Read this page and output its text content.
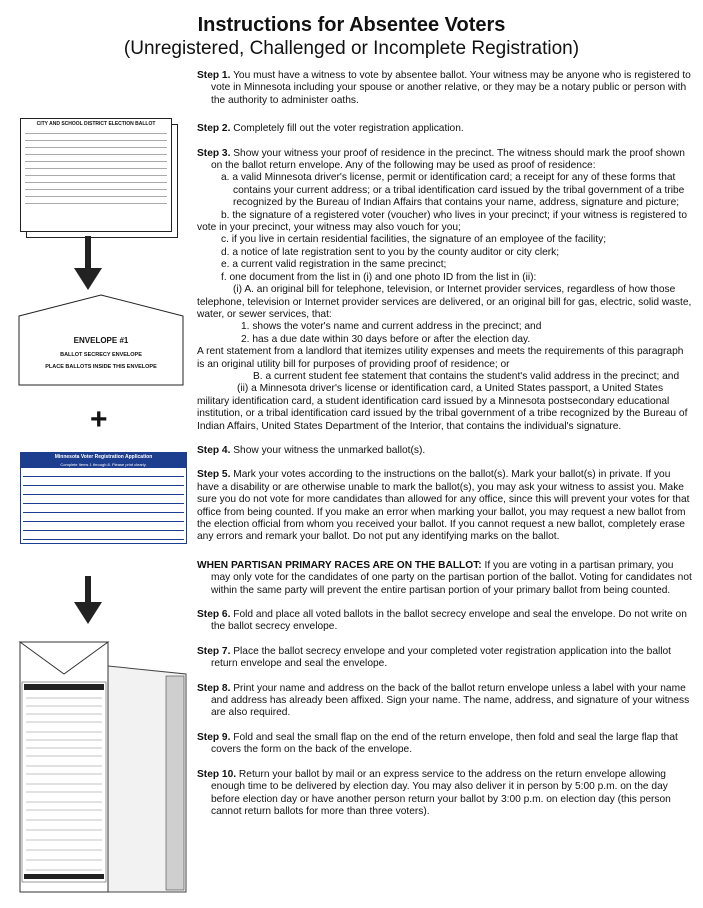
Instructions for Absentee Voters
(Unregistered, Challenged or Incomplete Registration)
CITY AND SCHOOL DISTRICT ELECTION BALLOT
ENVELOPE #1
BALLOT SECRECY ENVELOPE
PLACE BALLOTS INSIDE THIS ENVELOPE
+
Minnesota Voter Registration Application
Complete Items 1 through 8. Please print clearly.

Step 1. You must have a witness to vote by absentee ballot. Your witness may be anyone who is registered to vote in Minnesota including your spouse or another relative, or they may be a notary public or person with the authority to administer oaths.

Step 2. Completely fill out the voter registration application.

Step 3. Show your witness your proof of residence in the precinct. The witness should mark the proof shown on the ballot return envelope. Any of the following may be used as proof of residence:

a. a valid Minnesota driver's license, permit or identification card; a receipt for any of these forms that contains your current address; or a tribal identification card issued by the tribal government of a tribe recognized by the Bureau of Indian Affairs that contains your name, address, signature and picture;

b. the signature of a registered voter (voucher) who lives in your precinct; if your witness is registered to vote in your precinct, your witness may also vouch for you;

c. if you live in certain residential facilities, the signature of an employee of the facility;

d. a notice of late registration sent to you by the county auditor or city clerk;

e. a current valid registration in the same precinct;

f. one document from the list in (i) and one photo ID from the list in (ii):

(i) A. an original bill for telephone, television, or Internet provider services, regardless of how those telephone, television or Internet provider services are delivered, or an original bill for gas, electric, solid waste, water, or sewer services, that:

1. shows the voter's name and current address in the precinct; and

2. has a due date within 30 days before or after the election day.

A rent statement from a landlord that itemizes utility expenses and meets the requirements of this paragraph is an original utility bill for purposes of providing proof of residence; or

B. a current student fee statement that contains the student's valid address in the precinct; and

(ii) a Minnesota driver's license or identification card, a United States passport, a United States military identification card, a student identification card issued by a Minnesota postsecondary educational institution, or a tribal identification card issued by the tribal government of a tribe recognized by the Bureau of Indian Affairs, United States Department of the Interior, that contains the individual's signature.

Step 4. Show your witness the unmarked ballot(s).

Step 5. Mark your votes according to the instructions on the ballot(s). Mark your ballot(s) in private. If you have a disability or are otherwise unable to mark the ballot(s), you may ask your witness to assist you. Make sure you do not vote for more candidates than allowed for any office, since this will prevent your votes for that office from being counted. If you make an error when marking your ballot, you may request a new ballot from the election official from whom you received your ballot. If you cannot request a new ballot, completely erase any errors and remark your ballot. Do not put any identifying marks on the ballot.

WHEN PARTISAN PRIMARY RACES ARE ON THE BALLOT: If you are voting in a partisan primary, you may only vote for the candidates of one party on the partisan portion of the ballot. Voting for candidates not within the same party will prevent the entire partisan portion of your primary ballot from being counted.

Step 6. Fold and place all voted ballots in the ballot secrecy envelope and seal the envelope. Do not write on the ballot secrecy envelope.

Step 7. Place the ballot secrecy envelope and your completed voter registration application into the ballot return envelope and seal the envelope.

Step 8. Print your name and address on the back of the ballot return envelope unless a label with your name and address has already been affixed. Sign your name. The name, address, and signature of your witness are also required.

Step 9. Fold and seal the small flap on the end of the return envelope, then fold and seal the large flap that covers the form on the back of the envelope.

Step 10. Return your ballot by mail or an express service to the address on the return envelope allowing enough time to be delivered by election day. You may also deliver it in person by 5:00 p.m. on the day before election day or have another person return your ballot by 3:00 p.m. on election day (this person cannot return ballots for more than three voters).
